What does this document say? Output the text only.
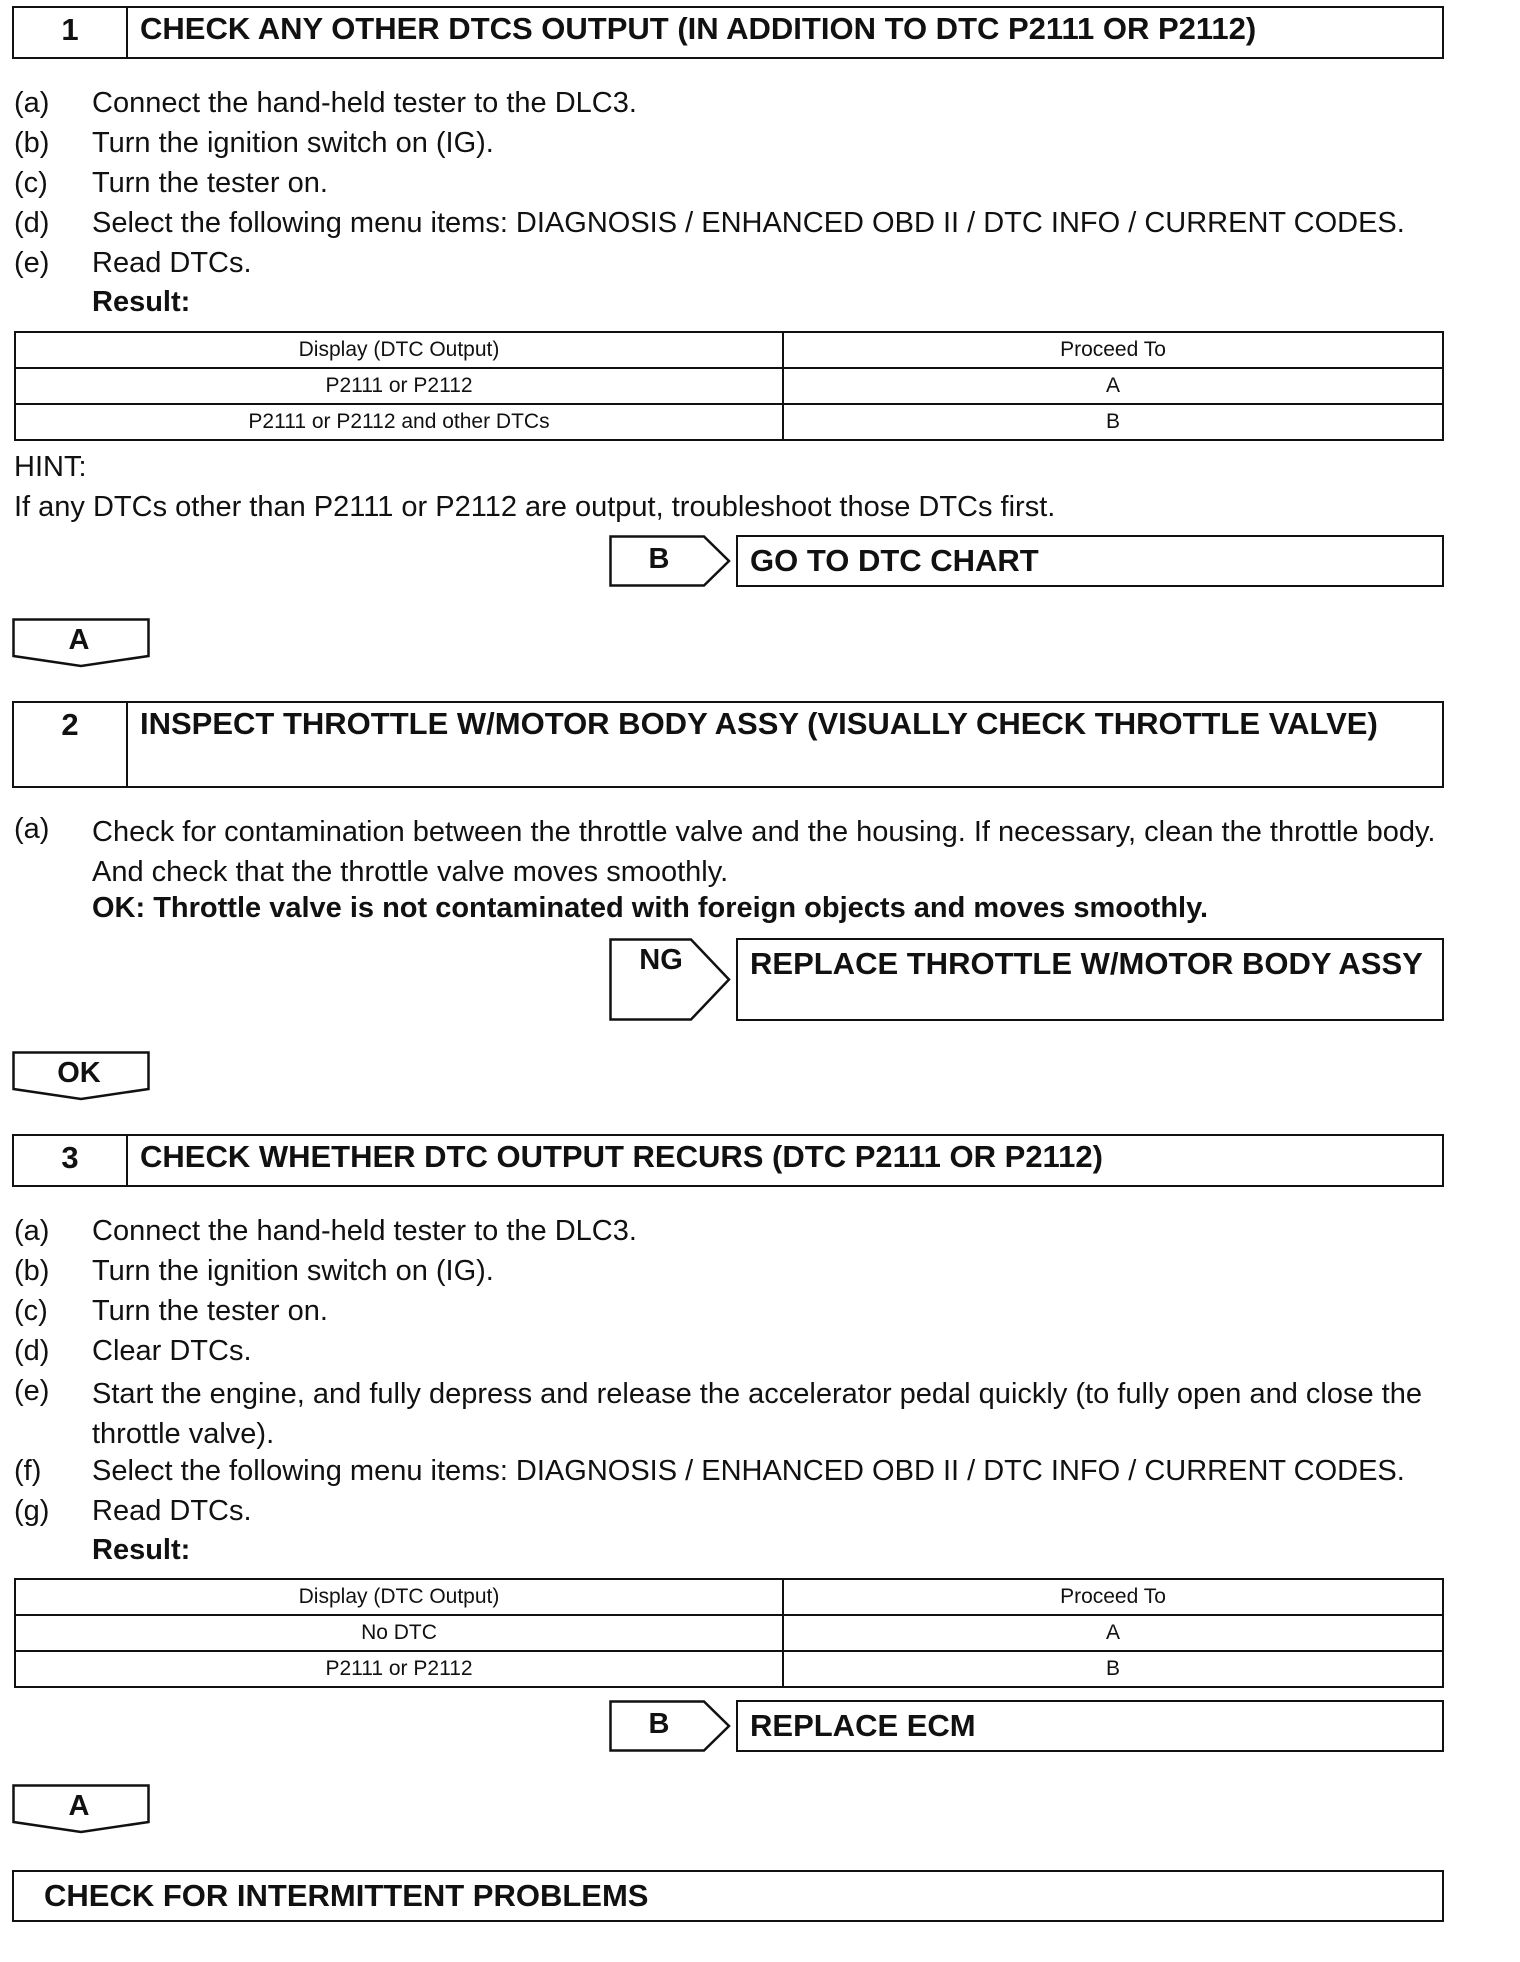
1	CHECK ANY OTHER DTCS OUTPUT (IN ADDITION TO DTC P2111 OR P2112)
(a) Connect the hand-held tester to the DLC3.
(b) Turn the ignition switch on (IG).
(c) Turn the tester on.
(d) Select the following menu items: DIAGNOSIS / ENHANCED OBD II / DTC INFO / CURRENT CODES.
(e) Read DTCs.
Result:
Display (DTC Output)	Proceed To
P2111 or P2112	A
P2111 or P2112 and other DTCs	B
HINT:
If any DTCs other than P2111 or P2112 are output, troubleshoot those DTCs first.
B	GO TO DTC CHART
A
2	INSPECT THROTTLE W/MOTOR BODY ASSY (VISUALLY CHECK THROTTLE VALVE)
(a) Check for contamination between the throttle valve and the housing. If necessary, clean the throttle body. And check that the throttle valve moves smoothly.
OK: Throttle valve is not contaminated with foreign objects and moves smoothly.
NG	REPLACE THROTTLE W/MOTOR BODY ASSY
OK
3	CHECK WHETHER DTC OUTPUT RECURS (DTC P2111 OR P2112)
(a) Connect the hand-held tester to the DLC3.
(b) Turn the ignition switch on (IG).
(c) Turn the tester on.
(d) Clear DTCs.
(e) Start the engine, and fully depress and release the accelerator pedal quickly (to fully open and close the throttle valve).
(f) Select the following menu items: DIAGNOSIS / ENHANCED OBD II / DTC INFO / CURRENT CODES.
(g) Read DTCs.
Result:
Display (DTC Output)	Proceed To
No DTC	A
P2111 or P2112	B
B	REPLACE ECM
A
CHECK FOR INTERMITTENT PROBLEMS
